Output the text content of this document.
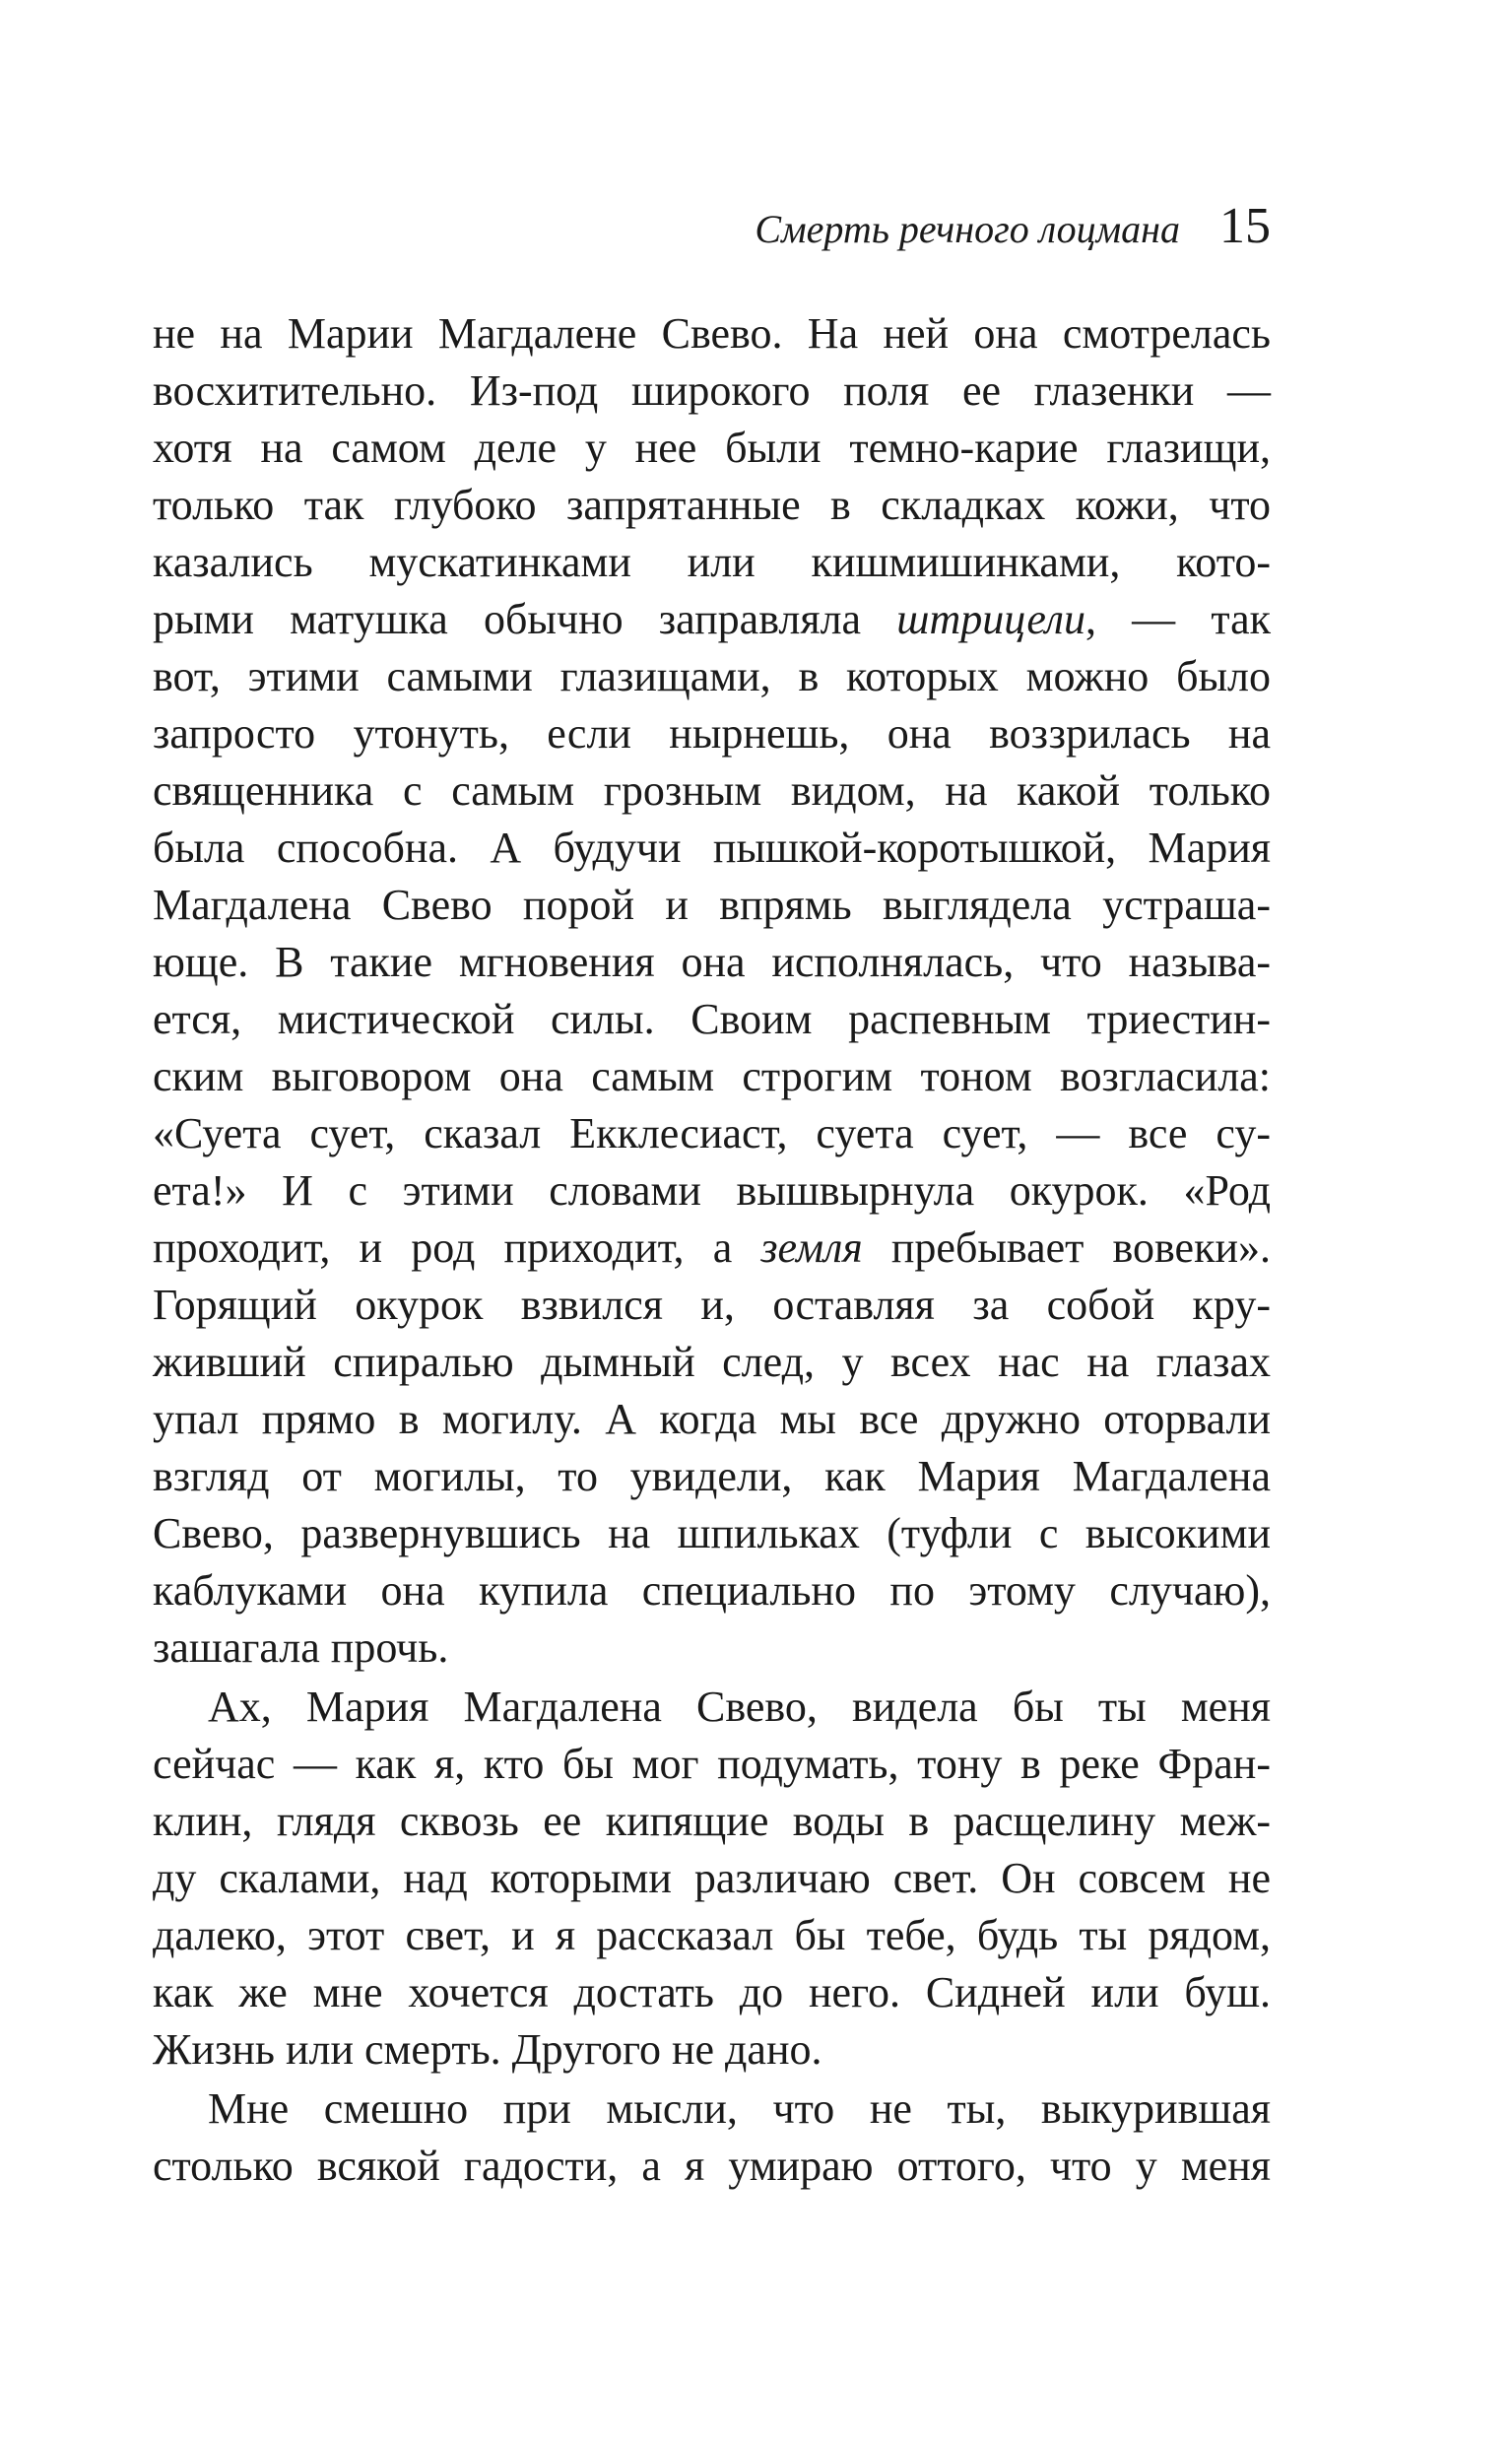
Смерть речного лоцмана 15
не на Марии Магдалене Свево. На ней она смотрелась
восхитительно. Из-под широкого поля ее глазенки —
хотя на самом деле у нее были темно-карие глазищи,
только так глубоко запрятанные в складках кожи, что
казались мускатинками или кишмишинками, кото-
рыми матушка обычно заправляла штрицели, — так
вот, этими самыми глазищами, в которых можно было
запросто утонуть, если нырнешь, она воззрилась на
священника с самым грозным видом, на какой только
была способна. А будучи пышкой-коротышкой, Мария
Магдалена Свево порой и впрямь выглядела устраша-
юще. В такие мгновения она исполнялась, что называ-
ется, мистической силы. Своим распевным триестин-
ским выговором она самым строгим тоном возгласила:
«Суета сует, сказал Екклесиаст, суета сует, — все су-
ета!» И с этими словами вышвырнула окурок. «Род
проходит, и род приходит, а земля пребывает вовеки».
Горящий окурок взвился и, оставляя за собой кру-
живший спиралью дымный след, у всех нас на глазах
упал прямо в могилу. А когда мы все дружно оторвали
взгляд от могилы, то увидели, как Мария Магдалена
Свево, развернувшись на шпильках (туфли с высокими
каблуками она купила специально по этому случаю),
зашагала прочь.
Ах, Мария Магдалена Свево, видела бы ты меня
сейчас — как я, кто бы мог подумать, тону в реке Фран-
клин, глядя сквозь ее кипящие воды в расщелину меж-
ду скалами, над которыми различаю свет. Он совсем не
далеко, этот свет, и я рассказал бы тебе, будь ты рядом,
как же мне хочется достать до него. Сидней или буш.
Жизнь или смерть. Другого не дано.
Мне смешно при мысли, что не ты, выкурившая
столько всякой гадости, а я умираю оттого, что у меня
